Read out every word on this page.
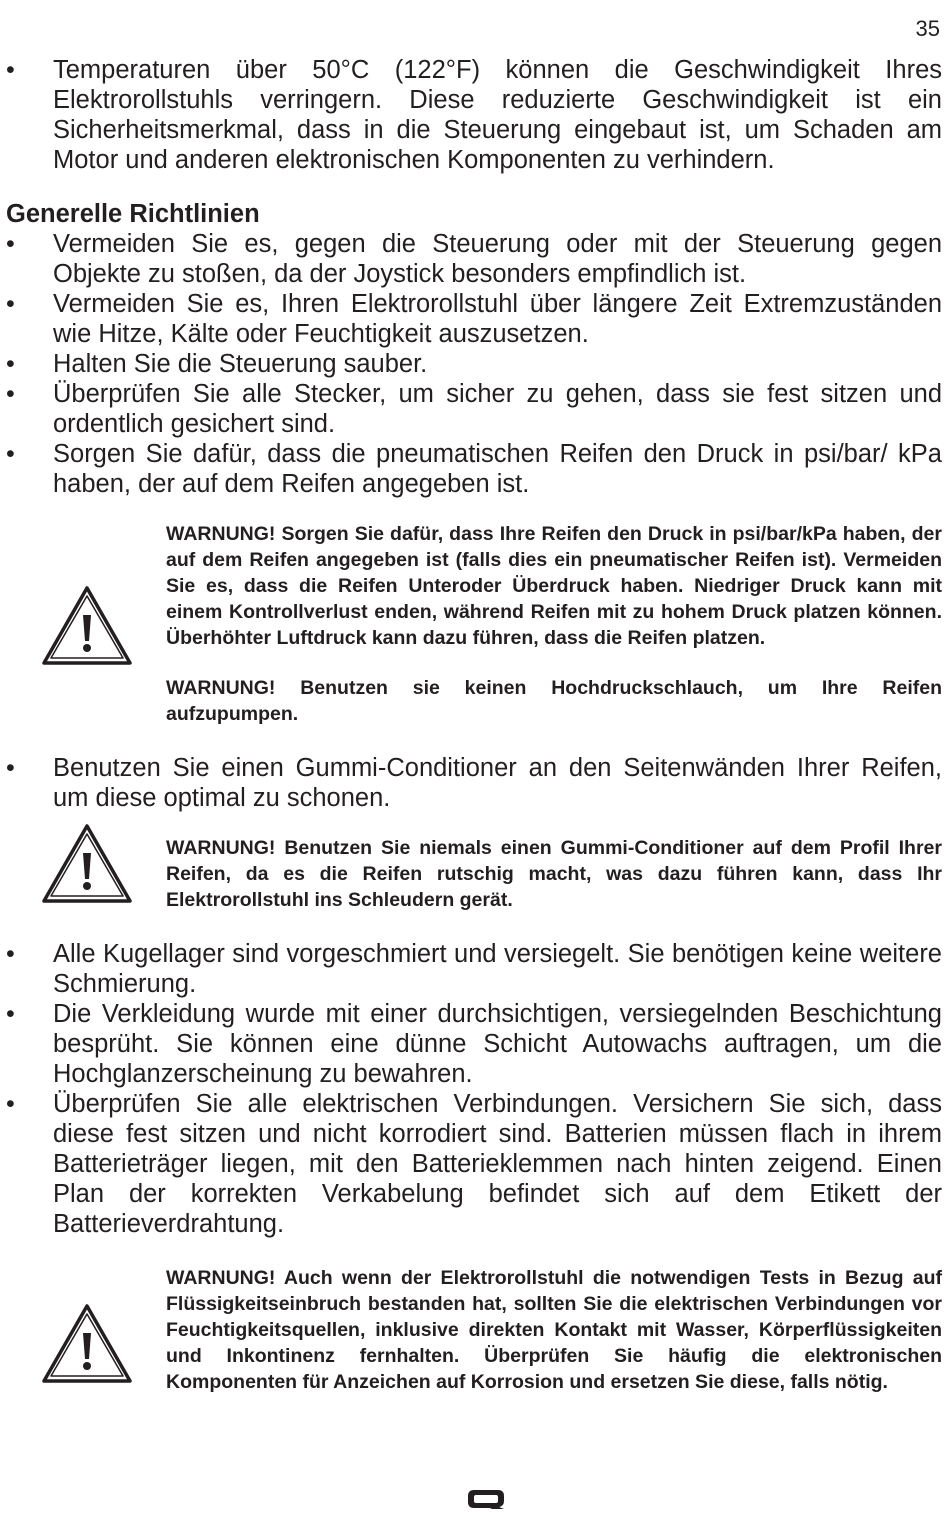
35
• Temperaturen über 50°C (122°F) können die Geschwindigkeit Ihres Elektrorollstuhls verringern. Diese reduzierte Geschwindigkeit ist ein Sicherheitsmerkmal, dass in die Steuerung eingebaut ist, um Schaden am Motor und anderen elektronischen Komponenten zu verhindern.
Generelle Richtlinien
• Vermeiden Sie es, gegen die Steuerung oder mit der Steuerung gegen Objekte zu stoßen, da der Joystick besonders empfindlich ist.
• Vermeiden Sie es, Ihren Elektrorollstuhl über längere Zeit Extremzuständen wie Hitze, Kälte oder Feuchtigkeit auszusetzen.
• Halten Sie die Steuerung sauber.
• Überprüfen Sie alle Stecker, um sicher zu gehen, dass sie fest sitzen und ordentlich gesichert sind.
• Sorgen Sie dafür, dass die pneumatischen Reifen den Druck in psi/bar/ kPa haben, der auf dem Reifen angegeben ist.

WARNUNG! Sorgen Sie dafür, dass Ihre Reifen den Druck in psi/bar/kPa haben, der auf dem Reifen angegeben ist (falls dies ein pneumatischer Reifen ist). Vermeiden Sie es, dass die Reifen Unteroder Überdruck haben. Niedriger Druck kann mit einem Kontrollverlust enden, während Reifen mit zu hohem Druck platzen können. Überhöhter Luftdruck kann dazu führen, dass die Reifen platzen.

WARNUNG! Benutzen sie keinen Hochdruckschlauch, um Ihre Reifen aufzupumpen.

• Benutzen Sie einen Gummi-Conditioner an den Seitenwänden Ihrer Reifen, um diese optimal zu schonen.

WARNUNG! Benutzen Sie niemals einen Gummi-Conditioner auf dem Profil Ihrer Reifen, da es die Reifen rutschig macht, was dazu führen kann, dass Ihr Elektrorollstuhl ins Schleudern gerät.

• Alle Kugellager sind vorgeschmiert und versiegelt. Sie benötigen keine weitere Schmierung.
• Die Verkleidung wurde mit einer durchsichtigen, versiegelnden Beschichtung besprüht. Sie können eine dünne Schicht Autowachs auftragen, um die Hochglanzerscheinung zu bewahren.
• Überprüfen Sie alle elektrischen Verbindungen. Versichern Sie sich, dass diese fest sitzen und nicht korrodiert sind. Batterien müssen flach in ihrem Batterieträger liegen, mit den Batterieklemmen nach hinten zeigend. Einen Plan der korrekten Verkabelung befindet sich auf dem Etikett der Batterieverdrahtung.

WARNUNG! Auch wenn der Elektrorollstuhl die notwendigen Tests in Bezug auf Flüssigkeitseinbruch bestanden hat, sollten Sie die elektrischen Verbindungen vor Feuchtigkeitsquellen, inklusive direkten Kontakt mit Wasser, Körperflüssigkeiten und Inkontinenz fernhalten. Überprüfen Sie häufig die elektronischen Komponenten für Anzeichen auf Korrosion und ersetzen Sie diese, falls nötig.
